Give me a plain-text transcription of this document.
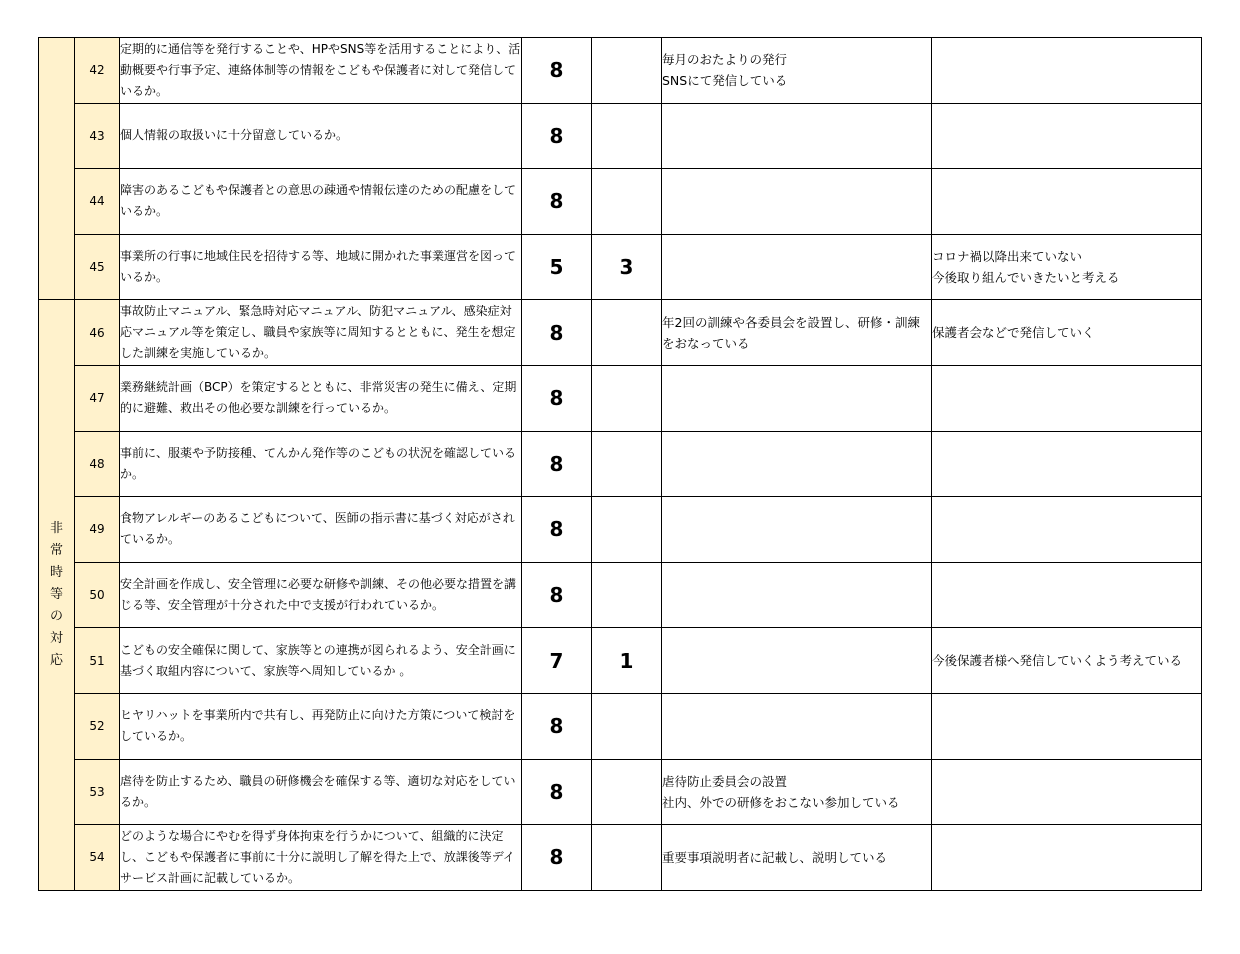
	42	定期的に通信等を発行することや、HPやSNS等を活用することにより、活動概要や行事予定、連絡体制等の情報をこどもや保護者に対して発信しているか。	8		毎月のおたよりの発行
SNSにて発信している	
	43	個人情報の取扱いに十分留意しているか。	8			
	44	障害のあるこどもや保護者との意思の疎通や情報伝達のための配慮をしているか。	8			
	45	事業所の行事に地域住民を招待する等、地域に開かれた事業運営を図っているか。	5	3		コロナ禍以降出来ていない
今後取り組んでいきたいと考える
非常時等の対応	46	事故防止マニュアル、緊急時対応マニュアル、防犯マニュアル、感染症対応マニュアル等を策定し、職員や家族等に周知するとともに、発生を想定した訓練を実施しているか。	8		年2回の訓練や各委員会を設置し、研修・訓練をおなっている	保護者会などで発信していく
	47	業務継続計画（BCP）を策定するとともに、非常災害の発生に備え、定期的に避難、救出その他必要な訓練を行っているか。	8			
	48	事前に、服薬や予防接種、てんかん発作等のこどもの状況を確認しているか。	8			
	49	食物アレルギーのあるこどもについて、医師の指示書に基づく対応がされているか。	8			
	50	安全計画を作成し、安全管理に必要な研修や訓練、その他必要な措置を講じる等、安全管理が十分された中で支援が行われているか。	8			
	51	こどもの安全確保に関して、家族等との連携が図られるよう、安全計画に基づく取組内容について、家族等へ周知しているか 。	7	1		今後保護者様へ発信していくよう考えている
	52	ヒヤリハットを事業所内で共有し、再発防止に向けた方策について検討をしているか。	8			
	53	虐待を防止するため、職員の研修機会を確保する等、適切な対応をしているか。	8		虐待防止委員会の設置
社内、外での研修をおこない参加している	
	54	どのような場合にやむを得ず身体拘束を行うかについて、組織的に決定し、こどもや保護者に事前に十分に説明し了解を得た上で、放課後等デイサービス計画に記載しているか。	8		重要事項説明者に記載し、説明している	
